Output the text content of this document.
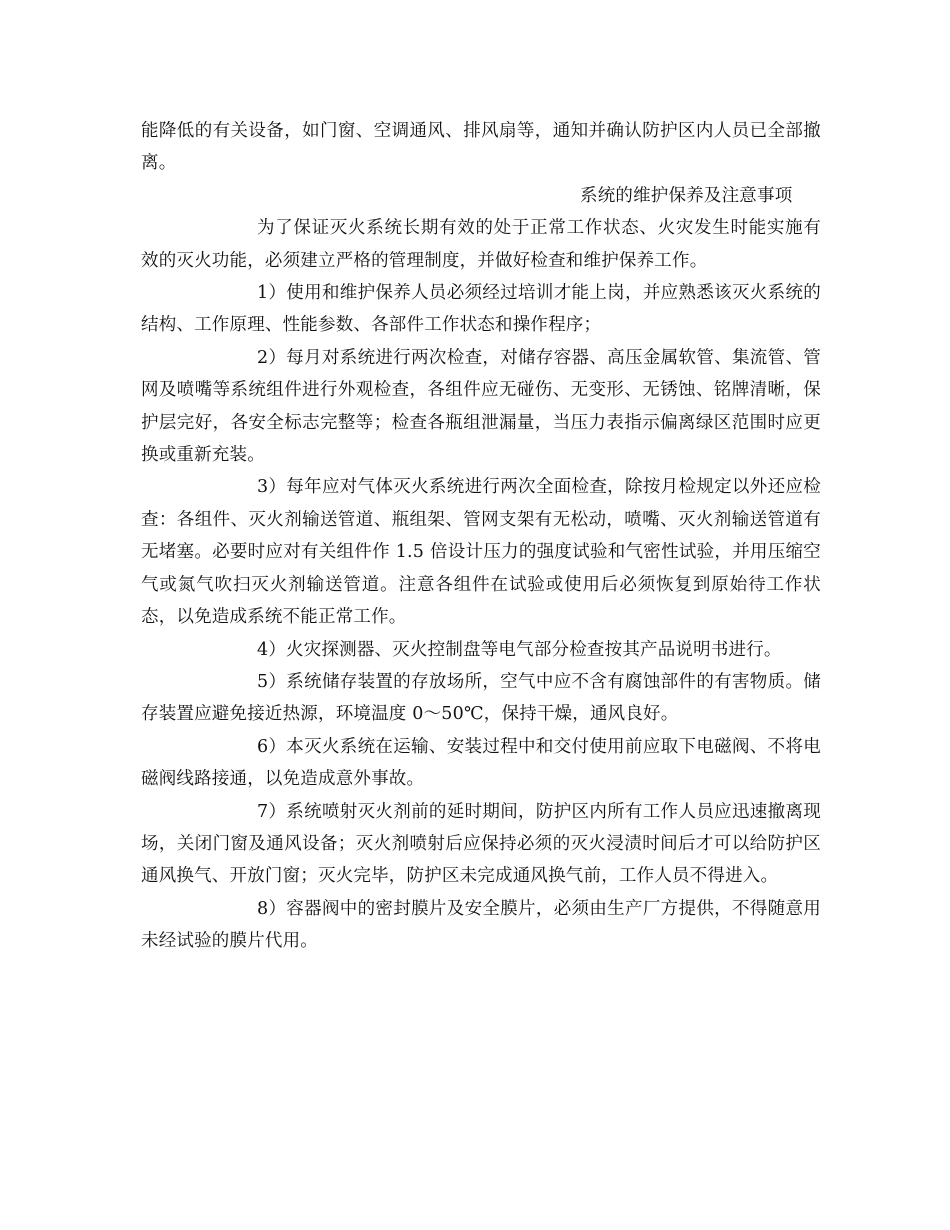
能降低的有关设备，如门窗、空调通风、排风扇等，通知并确认防护区内人员已全部撤离。

系统的维护保养及注意事项

为了保证灭火系统长期有效的处于正常工作状态、火灾发生时能实施有效的灭火功能，必须建立严格的管理制度，并做好检查和维护保养工作。

1）使用和维护保养人员必须经过培训才能上岗，并应熟悉该灭火系统的结构、工作原理、性能参数、各部件工作状态和操作程序；

2）每月对系统进行两次检查，对储存容器、高压金属软管、集流管、管网及喷嘴等系统组件进行外观检查，各组件应无碰伤、无变形、无锈蚀、铭牌清晰，保护层完好，各安全标志完整等；检查各瓶组泄漏量，当压力表指示偏离绿区范围时应更换或重新充装。

3）每年应对气体灭火系统进行两次全面检查，除按月检规定以外还应检查：各组件、灭火剂输送管道、瓶组架、管网支架有无松动，喷嘴、灭火剂输送管道有无堵塞。必要时应对有关组件作 1.5 倍设计压力的强度试验和气密性试验，并用压缩空气或氮气吹扫灭火剂输送管道。注意各组件在试验或使用后必须恢复到原始待工作状态，以免造成系统不能正常工作。

4）火灾探测器、灭火控制盘等电气部分检查按其产品说明书进行。

5）系统储存装置的存放场所，空气中应不含有腐蚀部件的有害物质。储存装置应避免接近热源，环境温度 0～50℃，保持干燥，通风良好。

6）本灭火系统在运输、安装过程中和交付使用前应取下电磁阀、不将电磁阀线路接通，以免造成意外事故。

7）系统喷射灭火剂前的延时期间，防护区内所有工作人员应迅速撤离现场，关闭门窗及通风设备；灭火剂喷射后应保持必须的灭火浸渍时间后才可以给防护区通风换气、开放门窗；灭火完毕，防护区未完成通风换气前，工作人员不得进入。

8）容器阀中的密封膜片及安全膜片，必须由生产厂方提供，不得随意用未经试验的膜片代用。
